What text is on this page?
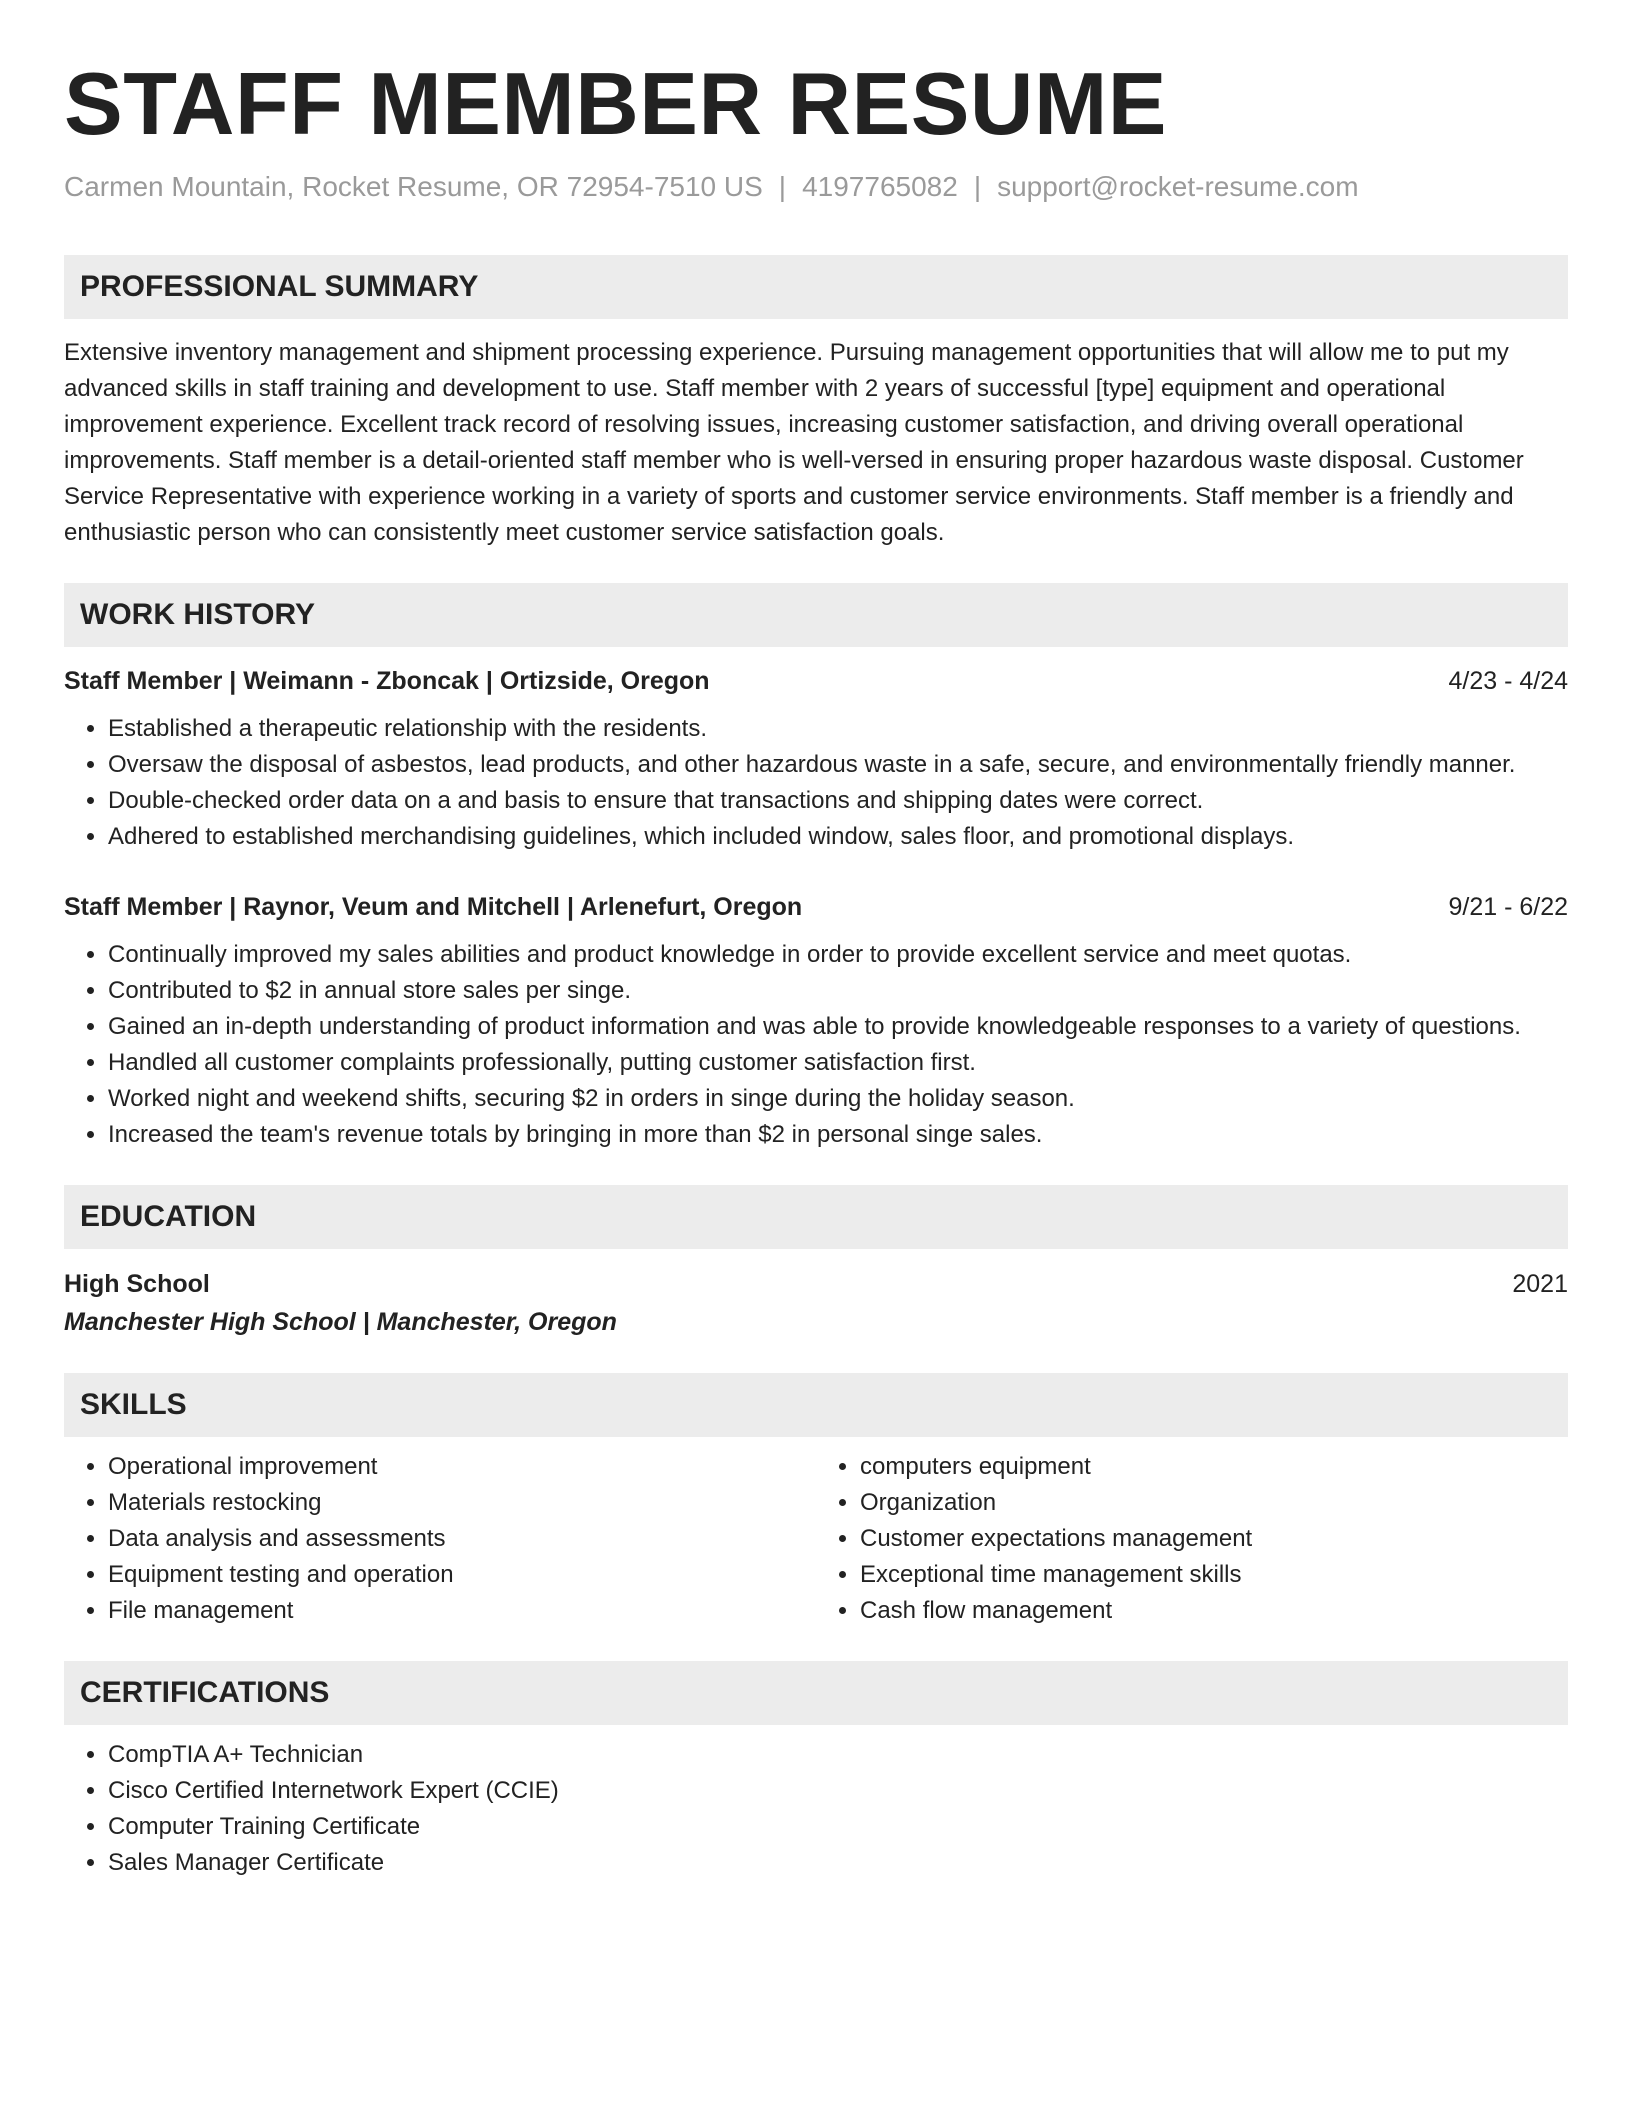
STAFF MEMBER RESUME
Carmen Mountain, Rocket Resume, OR 72954-7510 US | 4197765082 | support@rocket-resume.com
PROFESSIONAL SUMMARY
Extensive inventory management and shipment processing experience. Pursuing management opportunities that will allow me to put my advanced skills in staff training and development to use. Staff member with 2 years of successful [type] equipment and operational improvement experience. Excellent track record of resolving issues, increasing customer satisfaction, and driving overall operational improvements. Staff member is a detail-oriented staff member who is well-versed in ensuring proper hazardous waste disposal. Customer Service Representative with experience working in a variety of sports and customer service environments. Staff member is a friendly and enthusiastic person who can consistently meet customer service satisfaction goals.
WORK HISTORY
Staff Member | Weimann - Zboncak | Ortizside, Oregon	4/23 - 4/24
• Established a therapeutic relationship with the residents.
• Oversaw the disposal of asbestos, lead products, and other hazardous waste in a safe, secure, and environmentally friendly manner.
• Double-checked order data on a and basis to ensure that transactions and shipping dates were correct.
• Adhered to established merchandising guidelines, which included window, sales floor, and promotional displays.
Staff Member | Raynor, Veum and Mitchell | Arlenefurt, Oregon	9/21 - 6/22
• Continually improved my sales abilities and product knowledge in order to provide excellent service and meet quotas.
• Contributed to $2 in annual store sales per singe.
• Gained an in-depth understanding of product information and was able to provide knowledgeable responses to a variety of questions.
• Handled all customer complaints professionally, putting customer satisfaction first.
• Worked night and weekend shifts, securing $2 in orders in singe during the holiday season.
• Increased the team's revenue totals by bringing in more than $2 in personal singe sales.
EDUCATION
High School	2021
Manchester High School | Manchester, Oregon
SKILLS
• Operational improvement
• Materials restocking
• Data analysis and assessments
• Equipment testing and operation
• File management
• computers equipment
• Organization
• Customer expectations management
• Exceptional time management skills
• Cash flow management
CERTIFICATIONS
• CompTIA A+ Technician
• Cisco Certified Internetwork Expert (CCIE)
• Computer Training Certificate
• Sales Manager Certificate
